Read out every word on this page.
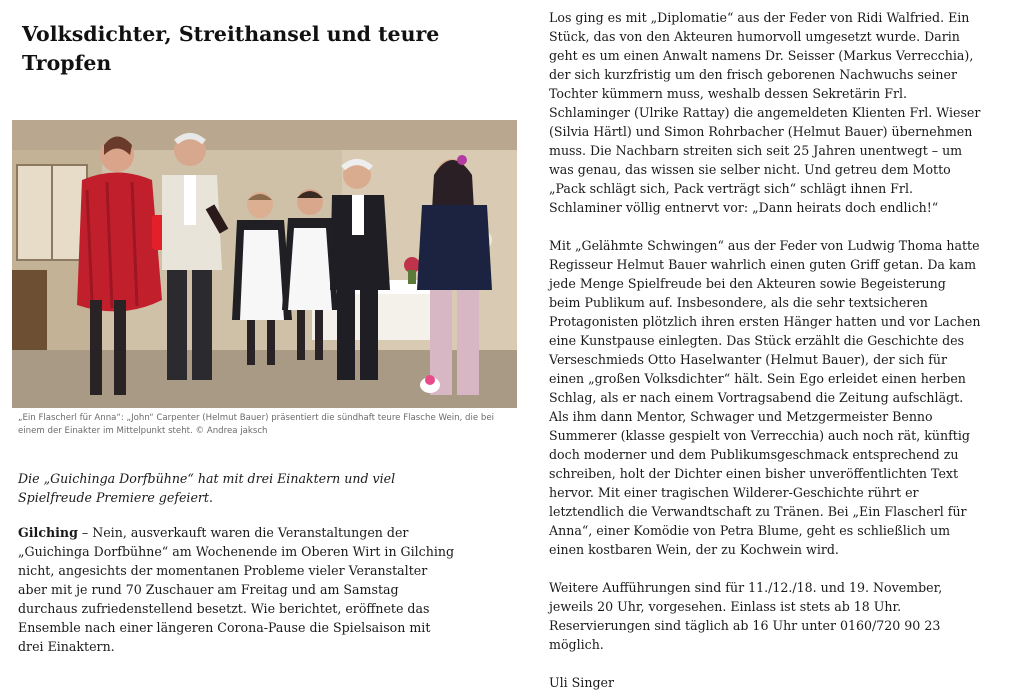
Volksdichter, Streithansel und teure Tropfen

„Ein Flascherl für Anna“: „John“ Carpenter (Helmut Bauer) präsentiert die sündhaft teure Flasche Wein, die bei einem der Einakter im Mittelpunkt steht. © Andrea jaksch

Die „Guichinga Dorfbühne“ hat mit drei Einaktern und viel Spielfreude Premiere gefeiert.

Gilching – Nein, ausverkauft waren die Veranstaltungen der „Guichinga Dorfbühne“ am Wochenende im Oberen Wirt in Gilching nicht, angesichts der momentanen Probleme vieler Veranstalter aber mit je rund 70 Zuschauer am Freitag und am Samstag durchaus zufriedenstellend besetzt. Wie berichtet, eröffnete das Ensemble nach einer längeren Corona-Pause die Spielsaison mit drei Einaktern.

Los ging es mit „Diplomatie“ aus der Feder von Ridi Walfried. Ein Stück, das von den Akteuren humorvoll umgesetzt wurde. Darin geht es um einen Anwalt namens Dr. Seisser (Markus Verrecchia), der sich kurzfristig um den frisch geborenen Nachwuchs seiner Tochter kümmern muss, weshalb dessen Sekretärin Frl. Schlaminger (Ulrike Rattay) die angemeldeten Klienten Frl. Wieser (Silvia Härtl) und Simon Rohrbacher (Helmut Bauer) übernehmen muss. Die Nachbarn streiten sich seit 25 Jahren unentwegt – um was genau, das wissen sie selber nicht. Und getreu dem Motto „Pack schlägt sich, Pack verträgt sich“ schlägt ihnen Frl. Schlaminer völlig entnervt vor: „Dann heirats doch endlich!“

Mit „Gelähmte Schwingen“ aus der Feder von Ludwig Thoma hatte Regisseur Helmut Bauer wahrlich einen guten Griff getan. Da kam jede Menge Spielfreude bei den Akteuren sowie Begeisterung beim Publikum auf. Insbesondere, als die sehr textsicheren Protagonisten plötzlich ihren ersten Hänger hatten und vor Lachen eine Kunstpause einlegten. Das Stück erzählt die Geschichte des Verseschmieds Otto Haselwanter (Helmut Bauer), der sich für einen „großen Volksdichter“ hält. Sein Ego erleidet einen herben Schlag, als er nach einem Vortragsabend die Zeitung aufschlägt. Als ihm dann Mentor, Schwager und Metzgermeister Benno Summerer (klasse gespielt von Verrecchia) auch noch rät, künftig doch moderner und dem Publikumsgeschmack entsprechend zu schreiben, holt der Dichter einen bisher unveröffentlichten Text hervor. Mit einer tragischen Wilderer-Geschichte rührt er letztendlich die Verwandtschaft zu Tränen. Bei „Ein Flascherl für Anna“, einer Komödie von Petra Blume, geht es schließlich um einen kostbaren Wein, der zu Kochwein wird.

Weitere Aufführungen sind für 11./12./18. und 19. November, jeweils 20 Uhr, vorgesehen. Einlass ist stets ab 18 Uhr. Reservierungen sind täglich ab 16 Uhr unter 0160/720 90 23 möglich.

Uli Singer
